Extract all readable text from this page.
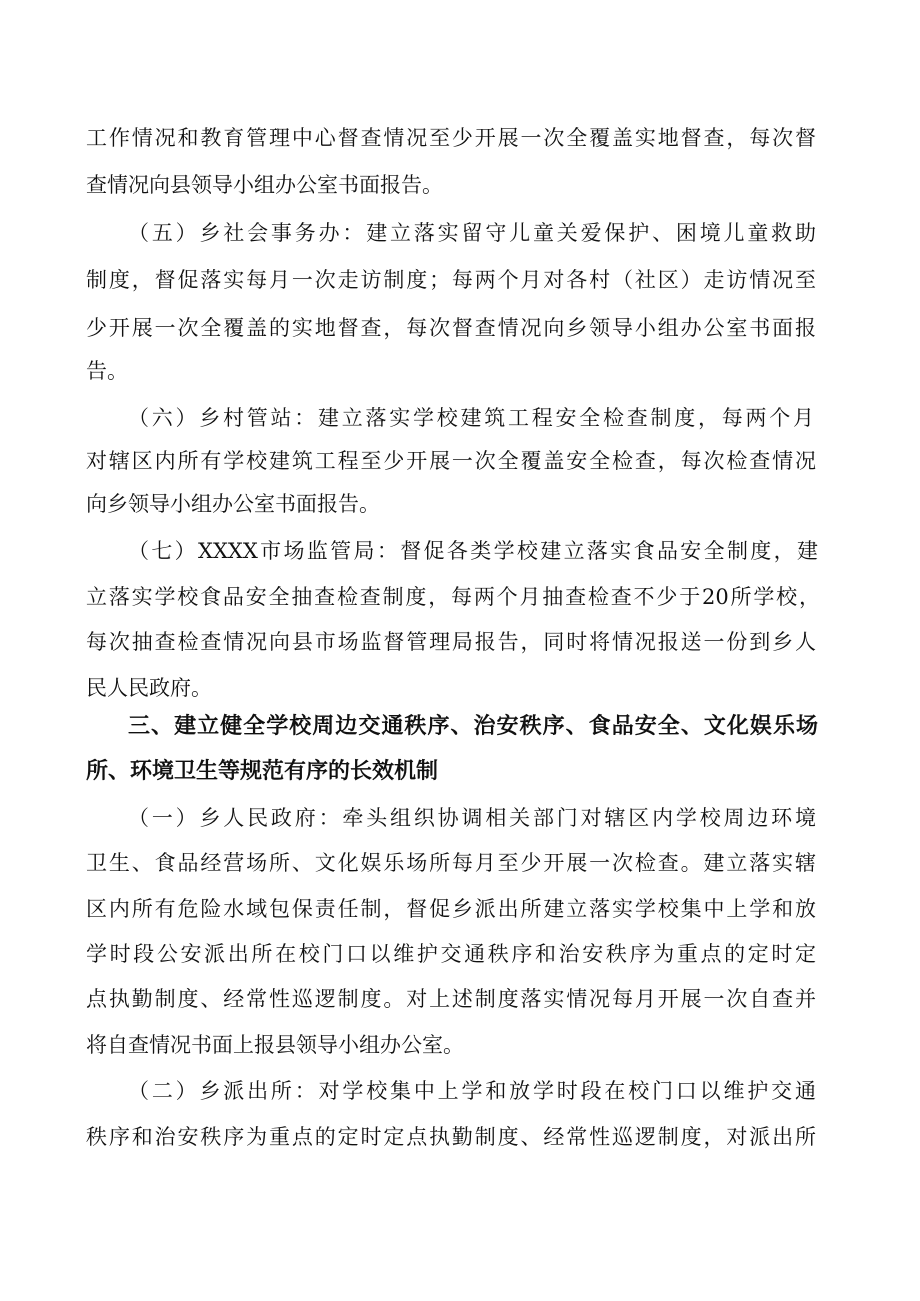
工作情况和教育管理中心督查情况至少开展一次全覆盖实地督查，每次督
查情况向县领导小组办公室书面报告。
（五）乡社会事务办：建立落实留守儿童关爱保护、困境儿童救助
制度，督促落实每月一次走访制度；每两个月对各村（社区）走访情况至
少开展一次全覆盖的实地督查，每次督查情况向乡领导小组办公室书面报
告。
（六）乡村管站：建立落实学校建筑工程安全检查制度，每两个月
对辖区内所有学校建筑工程至少开展一次全覆盖安全检查，每次检查情况
向乡领导小组办公室书面报告。
（七）XXXX市场监管局：督促各类学校建立落实食品安全制度，建
立落实学校食品安全抽查检查制度，每两个月抽查检查不少于20所学校，
每次抽查检查情况向县市场监督管理局报告，同时将情况报送一份到乡人
民人民政府。
三、建立健全学校周边交通秩序、治安秩序、食品安全、文化娱乐场
所、环境卫生等规范有序的长效机制
（一）乡人民政府：牵头组织协调相关部门对辖区内学校周边环境
卫生、食品经营场所、文化娱乐场所每月至少开展一次检查。建立落实辖
区内所有危险水域包保责任制，督促乡派出所建立落实学校集中上学和放
学时段公安派出所在校门口以维护交通秩序和治安秩序为重点的定时定
点执勤制度、经常性巡逻制度。对上述制度落实情况每月开展一次自查并
将自查情况书面上报县领导小组办公室。
（二）乡派出所：对学校集中上学和放学时段在校门口以维护交通
秩序和治安秩序为重点的定时定点执勤制度、经常性巡逻制度，对派出所
